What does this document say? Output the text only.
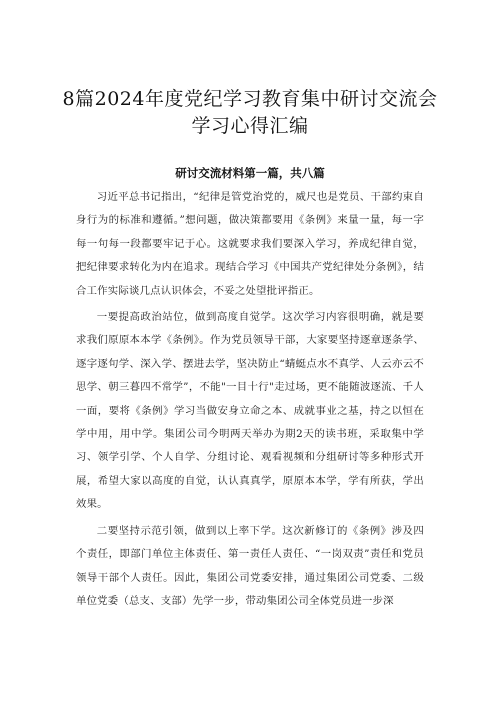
8篇2024年度党纪学习教育集中研讨交流会
学习心得汇编
研讨交流材料第一篇，共八篇

习近平总书记指出，“纪律是管党治党的，威尺也是党员、干部约束自身行为的标准和遵循。”想问题，做决策都要用《条例》来量一量，每一字每一句每一段都要牢记于心。这就要求我们要深入学习，养成纪律自觉，把纪律要求转化为内在追求。现结合学习《中国共产党纪律处分条例》，结合工作实际谈几点认识体会，不妥之处望批评指正。

一要提高政治站位，做到高度自觉学。这次学习内容很明确，就是要求我们原原本本学《条例》。作为党员领导干部，大家要坚持逐章逐条学、逐字逐句学、深入学、摆进去学，坚决防止“蜻蜓点水不真学、人云亦云不思学、朝三暮四不常学”，不能"一目十行"走过场，更不能随波逐流、千人一面，要将《条例》学习当做安身立命之本、成就事业之基，持之以恒在学中用，用中学。集团公司今明两天举办为期2天的读书班，采取集中学习、领学引学、个人自学、分组讨论、观看视频和分组研讨等多种形式开展，希望大家以高度的自觉，认认真真学，原原本本学，学有所获，学出效果。

二要坚持示范引领，做到以上率下学。这次新修订的《条例》涉及四个责任，即部门单位主体责任、第一责任人责任、“一岗双责”责任和党员领导干部个人责任。因此，集团公司党委安排，通过集团公司党委、二级单位党委（总支、支部）先学一步，带动集团公司全体党员进一步深
